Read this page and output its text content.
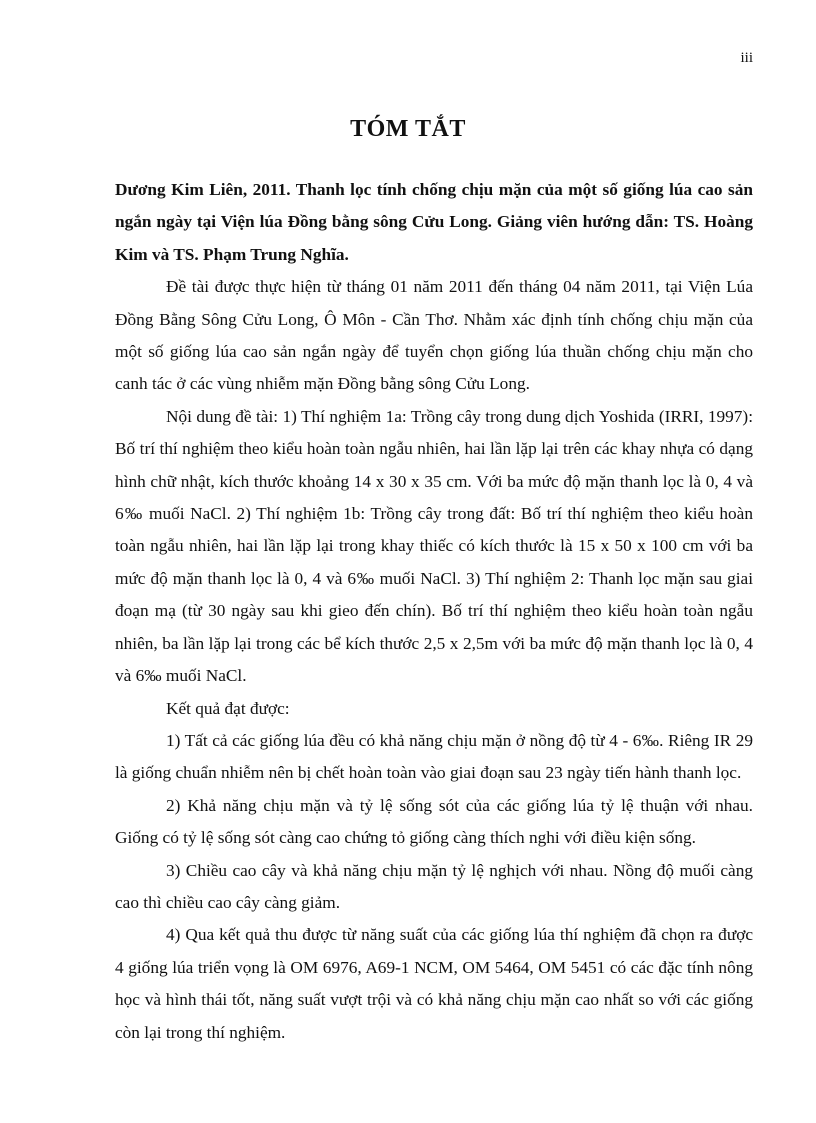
iii
TÓM TẮT

Dương Kim Liên, 2011. Thanh lọc tính chống chịu mặn của một số giống lúa cao sản ngắn ngày tại Viện lúa Đồng bằng sông Cửu Long. Giảng viên hướng dẫn: TS. Hoàng Kim và TS. Phạm Trung Nghĩa.

Đề tài được thực hiện từ tháng 01 năm 2011 đến tháng 04 năm 2011, tại Viện Lúa Đồng Bằng Sông Cửu Long, Ô Môn - Cần Thơ. Nhằm xác định tính chống chịu mặn của một số giống lúa cao sản ngắn ngày để tuyển chọn giống lúa thuần chống chịu mặn cho canh tác ở các vùng nhiễm mặn Đồng bằng sông Cửu Long.

Nội dung đề tài: 1) Thí nghiệm 1a: Trồng cây trong dung dịch Yoshida (IRRI, 1997): Bố trí thí nghiệm theo kiểu hoàn toàn ngẫu nhiên, hai lần lặp lại trên các khay nhựa có dạng hình chữ nhật, kích thước khoảng 14 x 30 x 35 cm. Với ba mức độ mặn thanh lọc là 0, 4 và 6‰ muối NaCl. 2) Thí nghiệm 1b: Trồng cây trong đất: Bố trí thí nghiệm theo kiểu hoàn toàn ngẫu nhiên, hai lần lặp lại trong khay thiếc có kích thước là 15 x 50 x 100 cm với ba mức độ mặn thanh lọc là 0, 4 và 6‰ muối NaCl. 3) Thí nghiệm 2: Thanh lọc mặn sau giai đoạn mạ (từ 30 ngày sau khi gieo đến chín). Bố trí thí nghiệm theo kiểu hoàn toàn ngẫu nhiên, ba lần lặp lại trong các bể kích thước 2,5 x 2,5m với ba mức độ mặn thanh lọc là 0, 4 và 6‰ muối NaCl.

Kết quả đạt được:

1) Tất cả các giống lúa đều có khả năng chịu mặn ở nồng độ từ 4 - 6‰. Riêng IR 29 là giống chuẩn nhiễm nên bị chết hoàn toàn vào giai đoạn sau 23 ngày tiến hành thanh lọc.

2) Khả năng chịu mặn và tỷ lệ sống sót của các giống lúa tỷ lệ thuận với nhau. Giống có tỷ lệ sống sót càng cao chứng tỏ giống càng thích nghi với điều kiện sống.

3) Chiều cao cây và khả năng chịu mặn tỷ lệ nghịch với nhau. Nồng độ muối càng cao thì chiều cao cây càng giảm.

4) Qua kết quả thu được từ năng suất của các giống lúa thí nghiệm đã chọn ra được 4 giống lúa triển vọng là OM 6976, A69-1 NCM, OM 5464, OM 5451 có các đặc tính nông học và hình thái tốt, năng suất vượt trội và có khả năng chịu mặn cao nhất so với các giống còn lại trong thí nghiệm.
